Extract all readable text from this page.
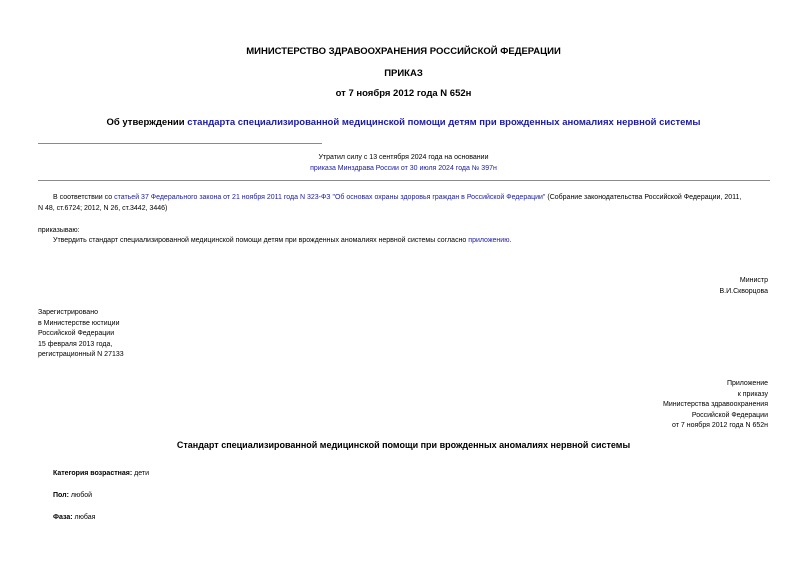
МИНИСТЕРСТВО ЗДРАВООХРАНЕНИЯ РОССИЙСКОЙ ФЕДЕРАЦИИ
ПРИКАЗ
от 7 ноября 2012 года N 652н
Об утверждении стандарта специализированной медицинской помощи детям при врожденных аномалиях нервной системы
Утратил силу с 13 сентября 2024 года на основании
приказа Минздрава России от 30 июля 2024 года № 397н
В соответствии со статьей 37 Федерального закона от 21 ноября 2011 года N 323-ФЗ "Об основах охраны здоровья граждан в Российской Федерации" (Собрание законодательства Российской Федерации, 2011,
N 48, ст.6724; 2012, N 26, ст.3442, 3446)
приказываю:
Утвердить стандарт специализированной медицинской помощи детям при врожденных аномалиях нервной системы согласно приложению.
Министр
В.И.Скворцова
Зарегистрировано
в Министерстве юстиции
Российской Федерации
15 февраля 2013 года,
регистрационный N 27133
Приложение
к приказу
Министерства здравоохранения
Российской Федерации
от 7 ноября 2012 года N 652н
Стандарт специализированной медицинской помощи при врожденных аномалиях нервной системы
Категория возрастная: дети
Пол: любой
Фаза: любая
